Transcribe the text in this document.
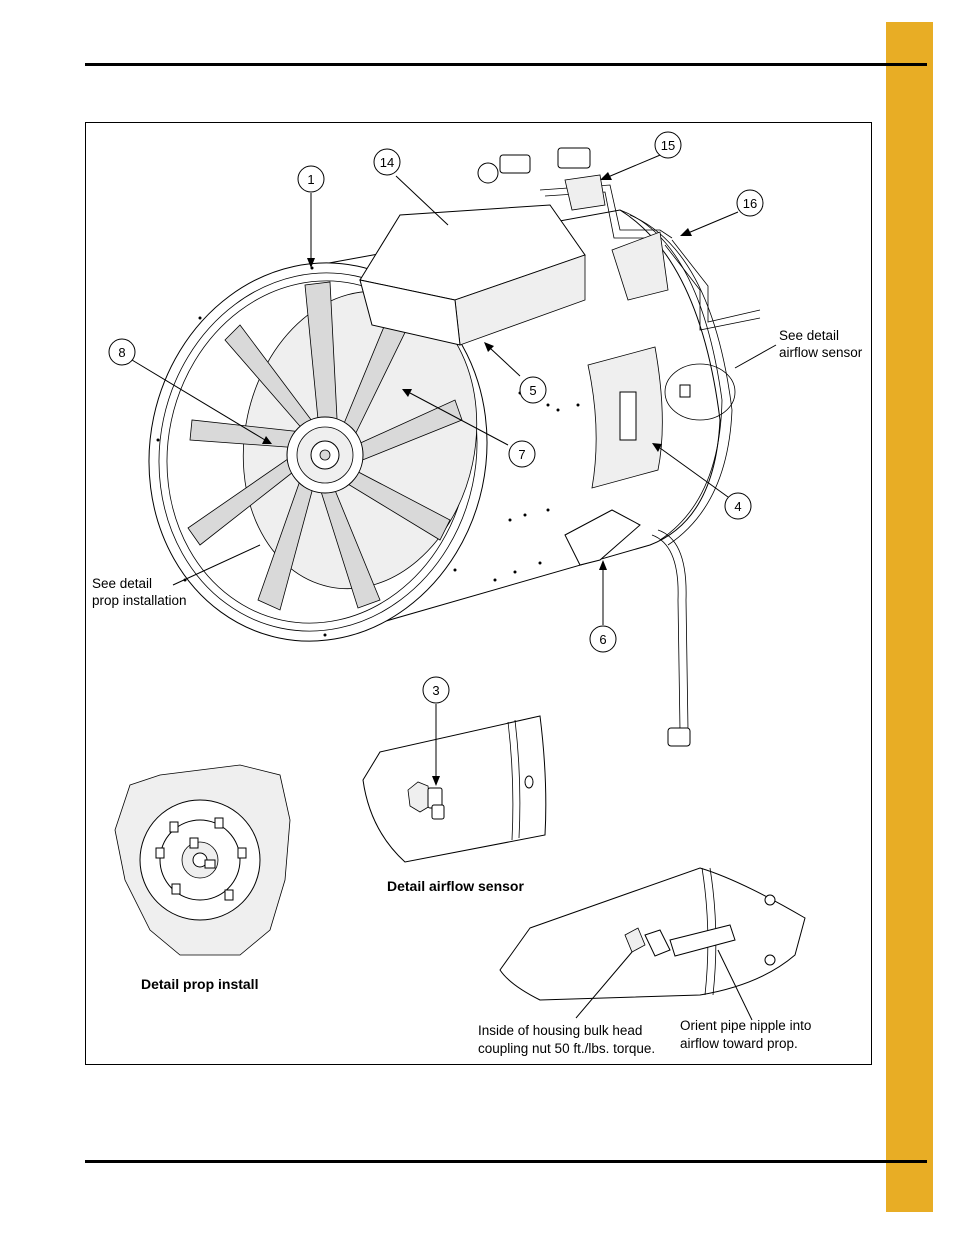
1
3
4
5
6
7
8
14
15
16
See detail
airflow sensor
See detail
prop installation
Inside of housing bulk head
coupling nut 50 ft./lbs. torque.
Orient pipe nipple into
airflow toward prop.
Detail airflow sensor
Detail prop install
